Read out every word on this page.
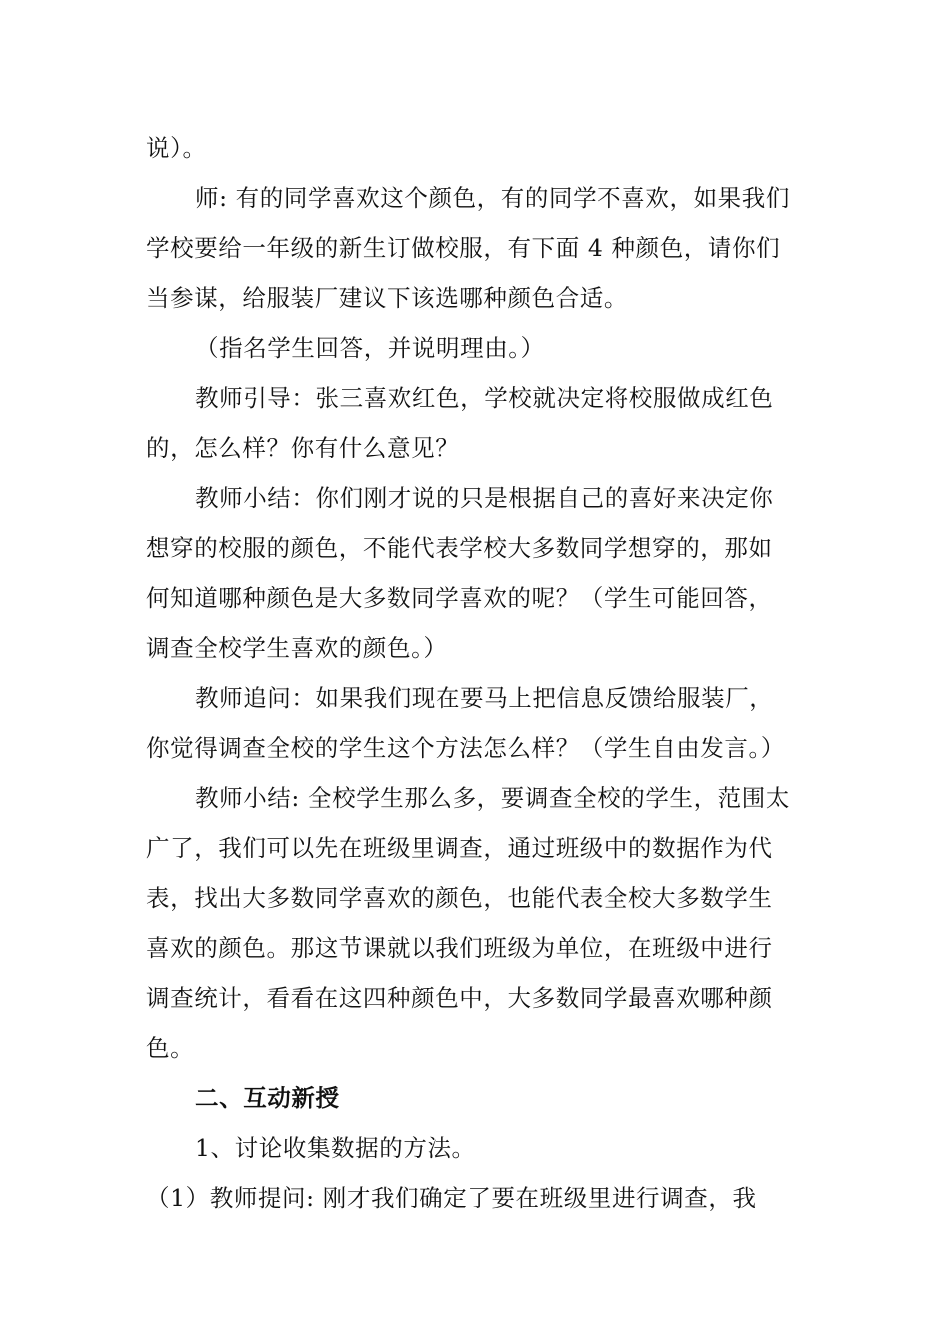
说）。
师: 有的同学喜欢这个颜色，有的同学不喜欢，如果我们
学校要给一年级的新生订做校服，有下面 4 种颜色，请你们
当参谋，给服装厂建议下该选哪种颜色合适。
（指名学生回答，并说明理由。）
教师引导：张三喜欢红色，学校就决定将校服做成红色
的，怎么样？你有什么意见？
教师小结：你们刚才说的只是根据自己的喜好来决定你
想穿的校服的颜色，不能代表学校大多数同学想穿的，那如
何知道哪种颜色是大多数同学喜欢的呢？（学生可能回答，
调查全校学生喜欢的颜色。）
教师追问：如果我们现在要马上把信息反馈给服装厂，
你觉得调查全校的学生这个方法怎么样？（学生自由发言。）
教师小结: 全校学生那么多，要调查全校的学生，范围太
广了，我们可以先在班级里调查，通过班级中的数据作为代
表，找出大多数同学喜欢的颜色，也能代表全校大多数学生
喜欢的颜色。那这节课就以我们班级为单位，在班级中进行
调查统计，看看在这四种颜色中，大多数同学最喜欢哪种颜
色。
二、互动新授
1、讨论收集数据的方法。
（1）教师提问: 刚才我们确定了要在班级里进行调查，我
